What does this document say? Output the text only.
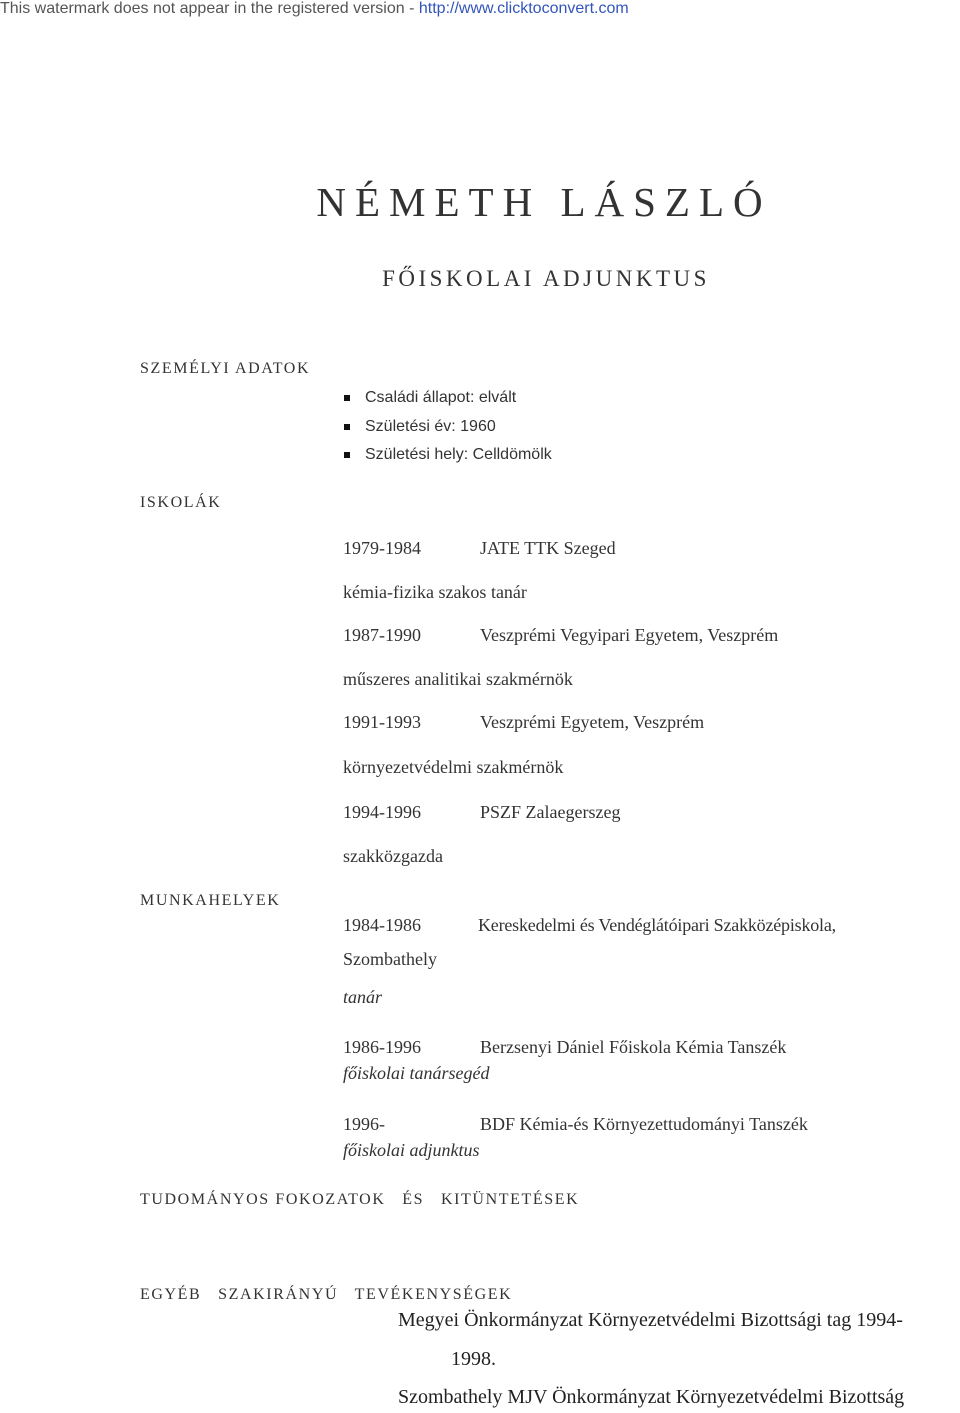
This watermark does not appear in the registered version - http://www.clicktoconvert.com
NÉMETH LÁSZLÓ
FŐISKOLAI ADJUNKTUS
SZEMÉLYI ADATOK
Családi állapot: elvált
Születési év: 1960
Születési hely: Celldömölk
ISKOLÁK
1979-1984	JATE TTK Szeged
kémia-fizika szakos tanár
1987-1990	Veszprémi Vegyipari Egyetem, Veszprém
műszeres analitikai szakmérnök
1991-1993	Veszprémi Egyetem, Veszprém
környezetvédelmi szakmérnök
1994-1996	PSZF Zalaegerszeg
szakközgazda
MUNKAHELYEK
1984-1986	Kereskedelmi és Vendéglátóipari Szakközépiskola,
Szombathely
tanár
1986-1996	Berzsenyi Dániel Főiskola Kémia Tanszék
főiskolai tanársegéd
1996-	BDF Kémia-és Környezettudományi Tanszék
főiskolai adjunktus
TUDOMÁNYOS FOKOZATOK   ÉS   KITÜNTETÉSEK
EGYÉB   SZAKIRÁNYÚ   TEVÉKENYSÉGEK
Megyei Önkormányzat Környezetvédelmi Bizottsági tag 1994-
1998.
Szombathely MJV Önkormányzat Környezetvédelmi Bizottság
